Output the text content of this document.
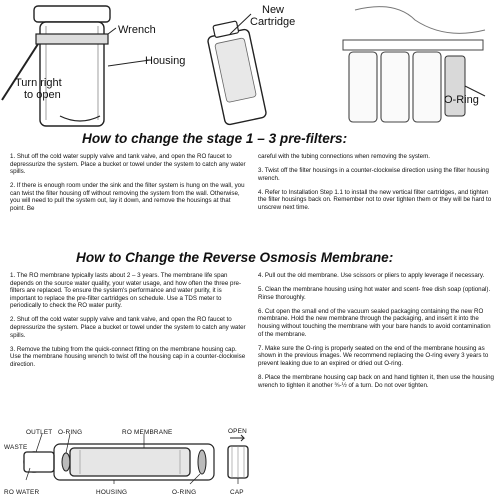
Wrench
Housing
Turn right
to open
New
Cartridge
O-Ring
How to change the stage 1 – 3 pre-filters:

1. Shut off the cold water supply valve and tank valve, and open the RO faucet to depressurize the system. Place a bucket or towel under the system to catch any water spills.

2. If there is enough room under the sink and the filter system is hung on the wall, you can twist the filter housing off without removing the system from the wall. Otherwise, you will need to pull the system out, lay it down, and remove the housings at that point. Be

careful with the tubing connections when removing the system.

3. Twist off the filter housings in a counter-clockwise direction using the filter housing wrench.

4. Refer to Installation Step 1.1 to install the new vertical filter cartridges, and tighten the filter housings back on. Remember not to over tighten them or they will be hard to unscrew next time.

How to Change the Reverse Osmosis Membrane:

1. The RO membrane typically lasts about 2 – 3 years. The membrane life span depends on the source water quality, your water usage, and how often the three pre-filters are replaced. To ensure the system's performance and water purity, it is important to replace the pre-filter cartridges on schedule. Use a TDS meter to periodically to check the RO water purity.

2. Shut off the cold water supply valve and tank valve, and open the RO faucet to depressurize the system. Place a bucket or towel under the system to catch any water spills.

3. Remove the tubing from the quick-connect fitting on the membrane housing cap. Use the membrane housing wrench to twist off the housing cap in a counter-clockwise direction.

4. Pull out the old membrane. Use scissors or pliers to apply leverage if necessary.

5. Clean the membrane housing using hot water and scent- free dish soap (optional). Rinse thoroughly.

6. Cut open the small end of the vacuum sealed packaging containing the new RO membrane. Hold the new membrane through the packaging, and insert it into the housing without touching the membrane with your bare hands to avoid contamination of the membrane.

7. Make sure the O-ring is properly seated on the end of the membrane housing as shown in the previous images. We recommend replacing the O-ring every 3 years to prevent leaking due to an expired or dried out O-ring.

8. Place the membrane housing cap back on and hand tighten it, then use the housing wrench to tighten it another ¾-½ of a turn. Do not over tighten.

OUTLET O-RING
WASTE
RO MEMBRANE	OPEN
RO WATER	HOUSING	O-RING	CAP
